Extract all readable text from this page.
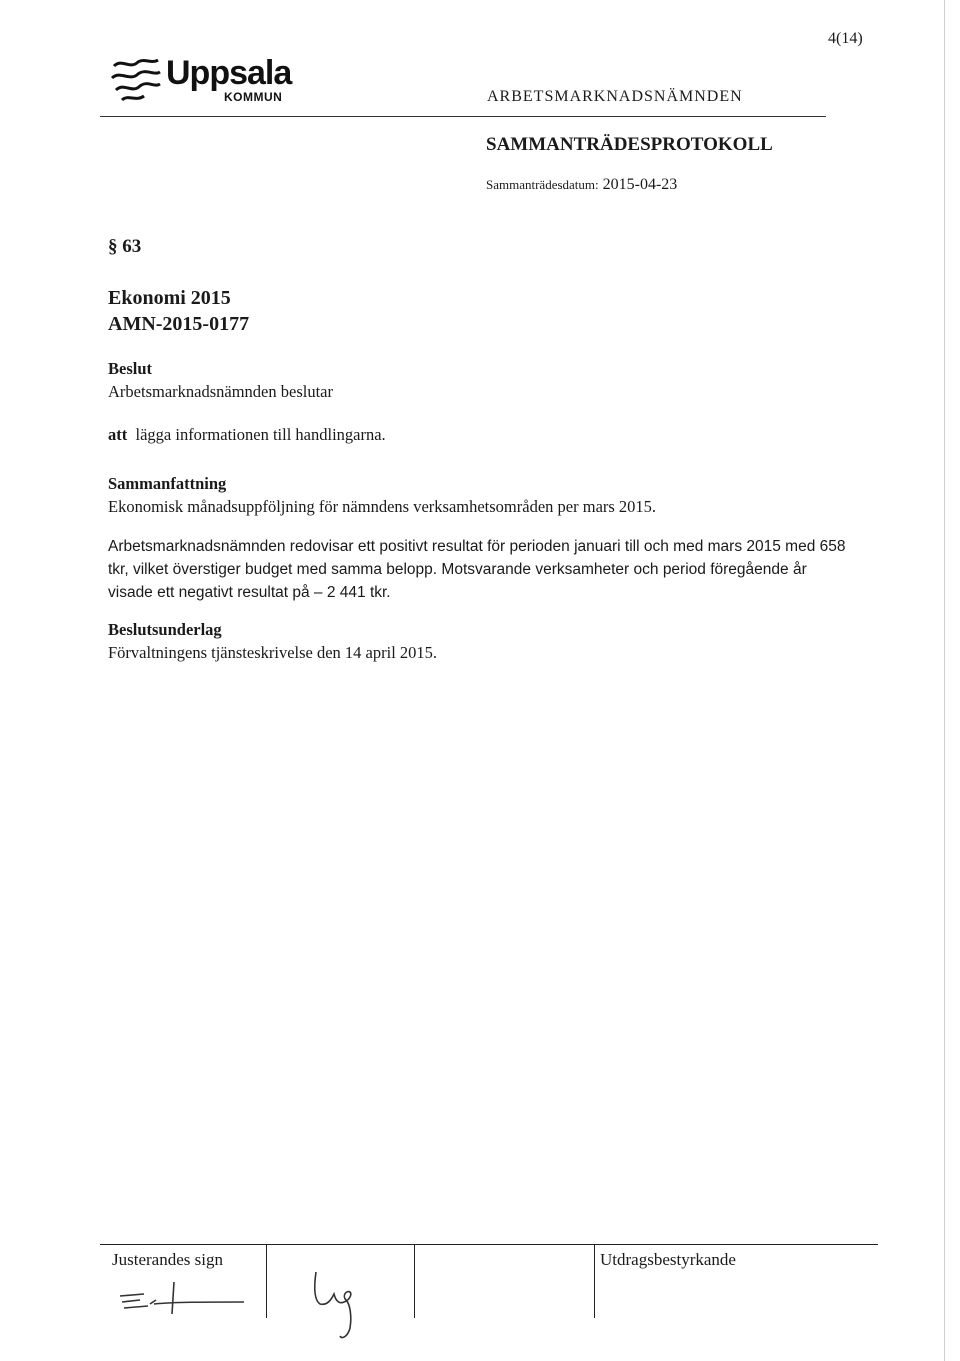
4(14)
Uppsala
KOMMUN	ARBETSMARKNADSNÄMNDEN
SAMMANTRÄDESPROTOKOLL
Sammanträdesdatum: 2015-04-23
§ 63
Ekonomi 2015
AMN-2015-0177
Beslut
Arbetsmarknadsnämnden beslutar
att lägga informationen till handlingarna.
Sammanfattning
Ekonomisk månadsuppföljning för nämndens verksamhetsområden per mars 2015.
Arbetsmarknadsnämnden redovisar ett positivt resultat för perioden januari till och med mars 2015 med 658 tkr, vilket överstiger budget med samma belopp. Motsvarande verksamheter och period föregående år visade ett negativt resultat på – 2 441 tkr.
Beslutsunderlag
Förvaltningens tjänsteskrivelse den 14 april 2015.
Justerandes sign	Utdragsbestyrkande
